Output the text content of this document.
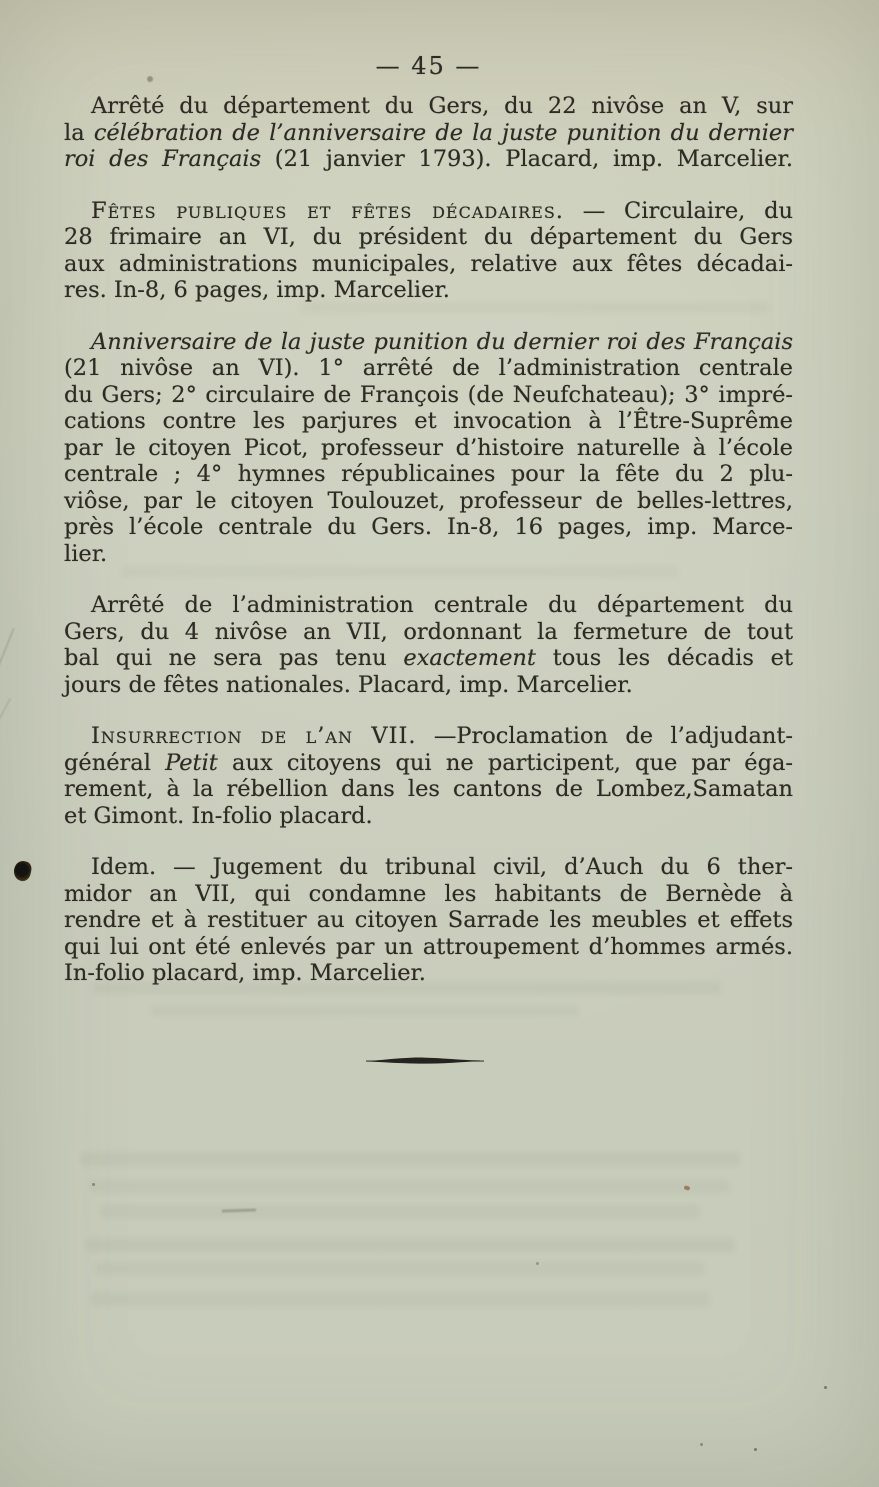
— 45 —
Arrêté du département du Gers, du 22 nivôse an V, sur
la célébration de l’anniversaire de la juste punition du dernier
roi des Français (21 janvier 1793). Placard, imp. Marcelier.
Fêtes publiques et fêtes décadaires. — Circulaire, du
28 frimaire an VI, du président du département du Gers
aux administrations municipales, relative aux fêtes décadai-
res. In-8, 6 pages, imp. Marcelier.
Anniversaire de la juste punition du dernier roi des Français
(21 nivôse an VI). 1° arrêté de l’administration centrale
du Gers; 2° circulaire de François (de Neufchateau); 3° impré-
cations contre les parjures et invocation à l’Être-Suprême
par le citoyen Picot, professeur d’histoire naturelle à l’école
centrale ; 4° hymnes républicaines pour la fête du 2 plu-
viôse, par le citoyen Toulouzet, professeur de belles-lettres,
près l’école centrale du Gers. In-8, 16 pages, imp. Marce-
lier.
Arrêté de l’administration centrale du département du
Gers, du 4 nivôse an VII, ordonnant la fermeture de tout
bal qui ne sera pas tenu exactement tous les décadis et
jours de fêtes nationales. Placard, imp. Marcelier.
Insurrection de l’an VII. —Proclamation de l’adjudant-
général Petit aux citoyens qui ne participent, que par éga-
rement, à la rébellion dans les cantons de Lombez,Samatan
et Gimont. In-folio placard.
Idem. — Jugement du tribunal civil, d’Auch du 6 ther-
midor an VII, qui condamne les habitants de Bernède à
rendre et à restituer au citoyen Sarrade les meubles et effets
qui lui ont été enlevés par un attroupement d’hommes armés.
In-folio placard, imp. Marcelier.
